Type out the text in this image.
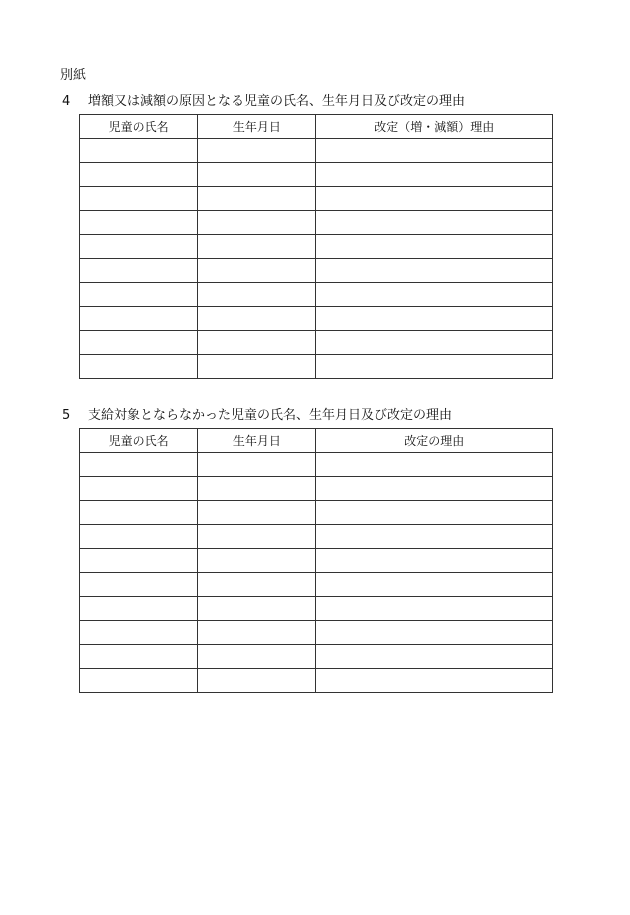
別紙
4 増額又は減額の原因となる児童の氏名、生年月日及び改定の理由
児童の氏名	生年月日	改定（増・減額）理由

5 支給対象とならなかった児童の氏名、生年月日及び改定の理由
児童の氏名	生年月日	改定の理由
